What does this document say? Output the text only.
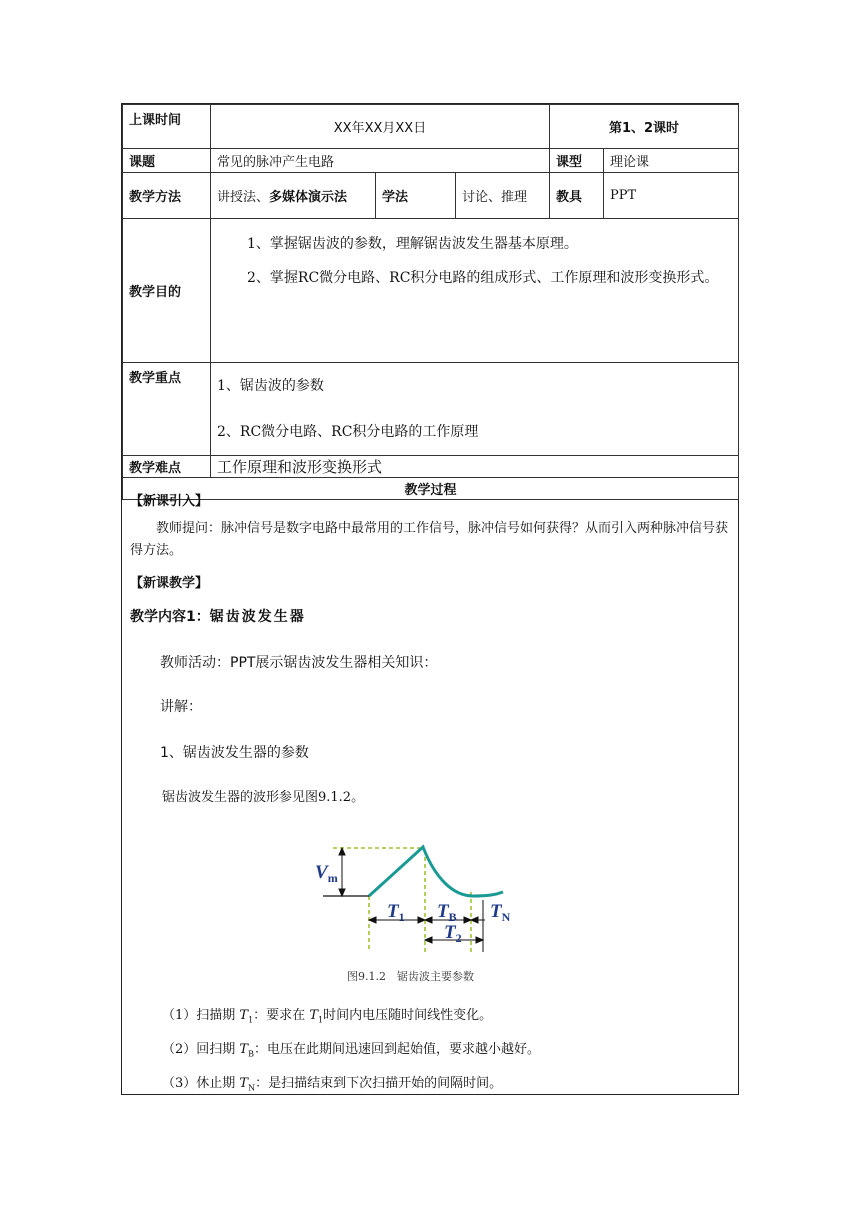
上课时间	XX年XX月XX日			第1、2课时	
课题	常见的脉冲产生电路			课型	理论课
教学方法	讲授法、多媒体演示法	学法	讨论、推理	教具	PPT
教学目的	1、掌握锯齿波的参数，理解锯齿波发生器基本原理。

2、掌握RC微分电路、RC积分电路的组成形式、工作原理和波形变换形式。				

教学重点	1、锯齿波的参数
2、RC微分电路、RC积分电路的工作原理				

教学难点	工作原理和波形变换形式				
教学过程					
【新课引入】
教师提问：脉冲信号是数字电路中最常用的工作信号，脉冲信号如何获得？从而引入两种脉冲信号获得方法。
【新课教学】
教学内容1：锯齿波发生器
教师活动：PPT展示锯齿波发生器相关知识：
讲解：
1、锯齿波发生器的参数
锯齿波发生器的波形参见图9.1.2。
$V_m$
$T_1$ $T_B$
$T_2$
$T_N$
图9.1.2　锯齿波主要参数
（1）扫描期 $T_1$：要求在 $T_1$时间内电压随时间线性变化。
（2）回扫期 $T_B$：电压在此期间迅速回到起始值，要求越小越好。
（3）休止期 $T_N$：是扫描结束到下次扫描开始的间隔时间。
